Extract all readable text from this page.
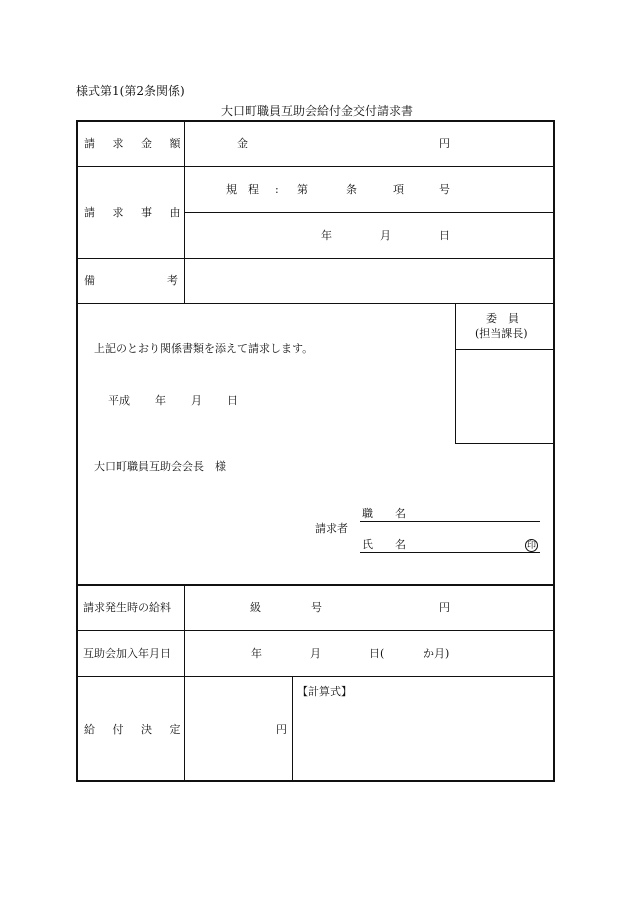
様式第1(第2条関係)
大口町職員互助会給付金交付請求書
請 求 金 額	金	円
請 求 事 由
規 程 : 第	条	項	号
年	月	日
備	考
委　員
(担当課長)
上記のとおり関係書類を添えて請求します。
平成 年 月 日
大口町職員互助会会長　様
請求者
職　　名
氏　　名	印
請求発生時の給料	級	号	円
互助会加入年月日	年	月	日(	か月)
給 付 決 定	円
【計算式】
